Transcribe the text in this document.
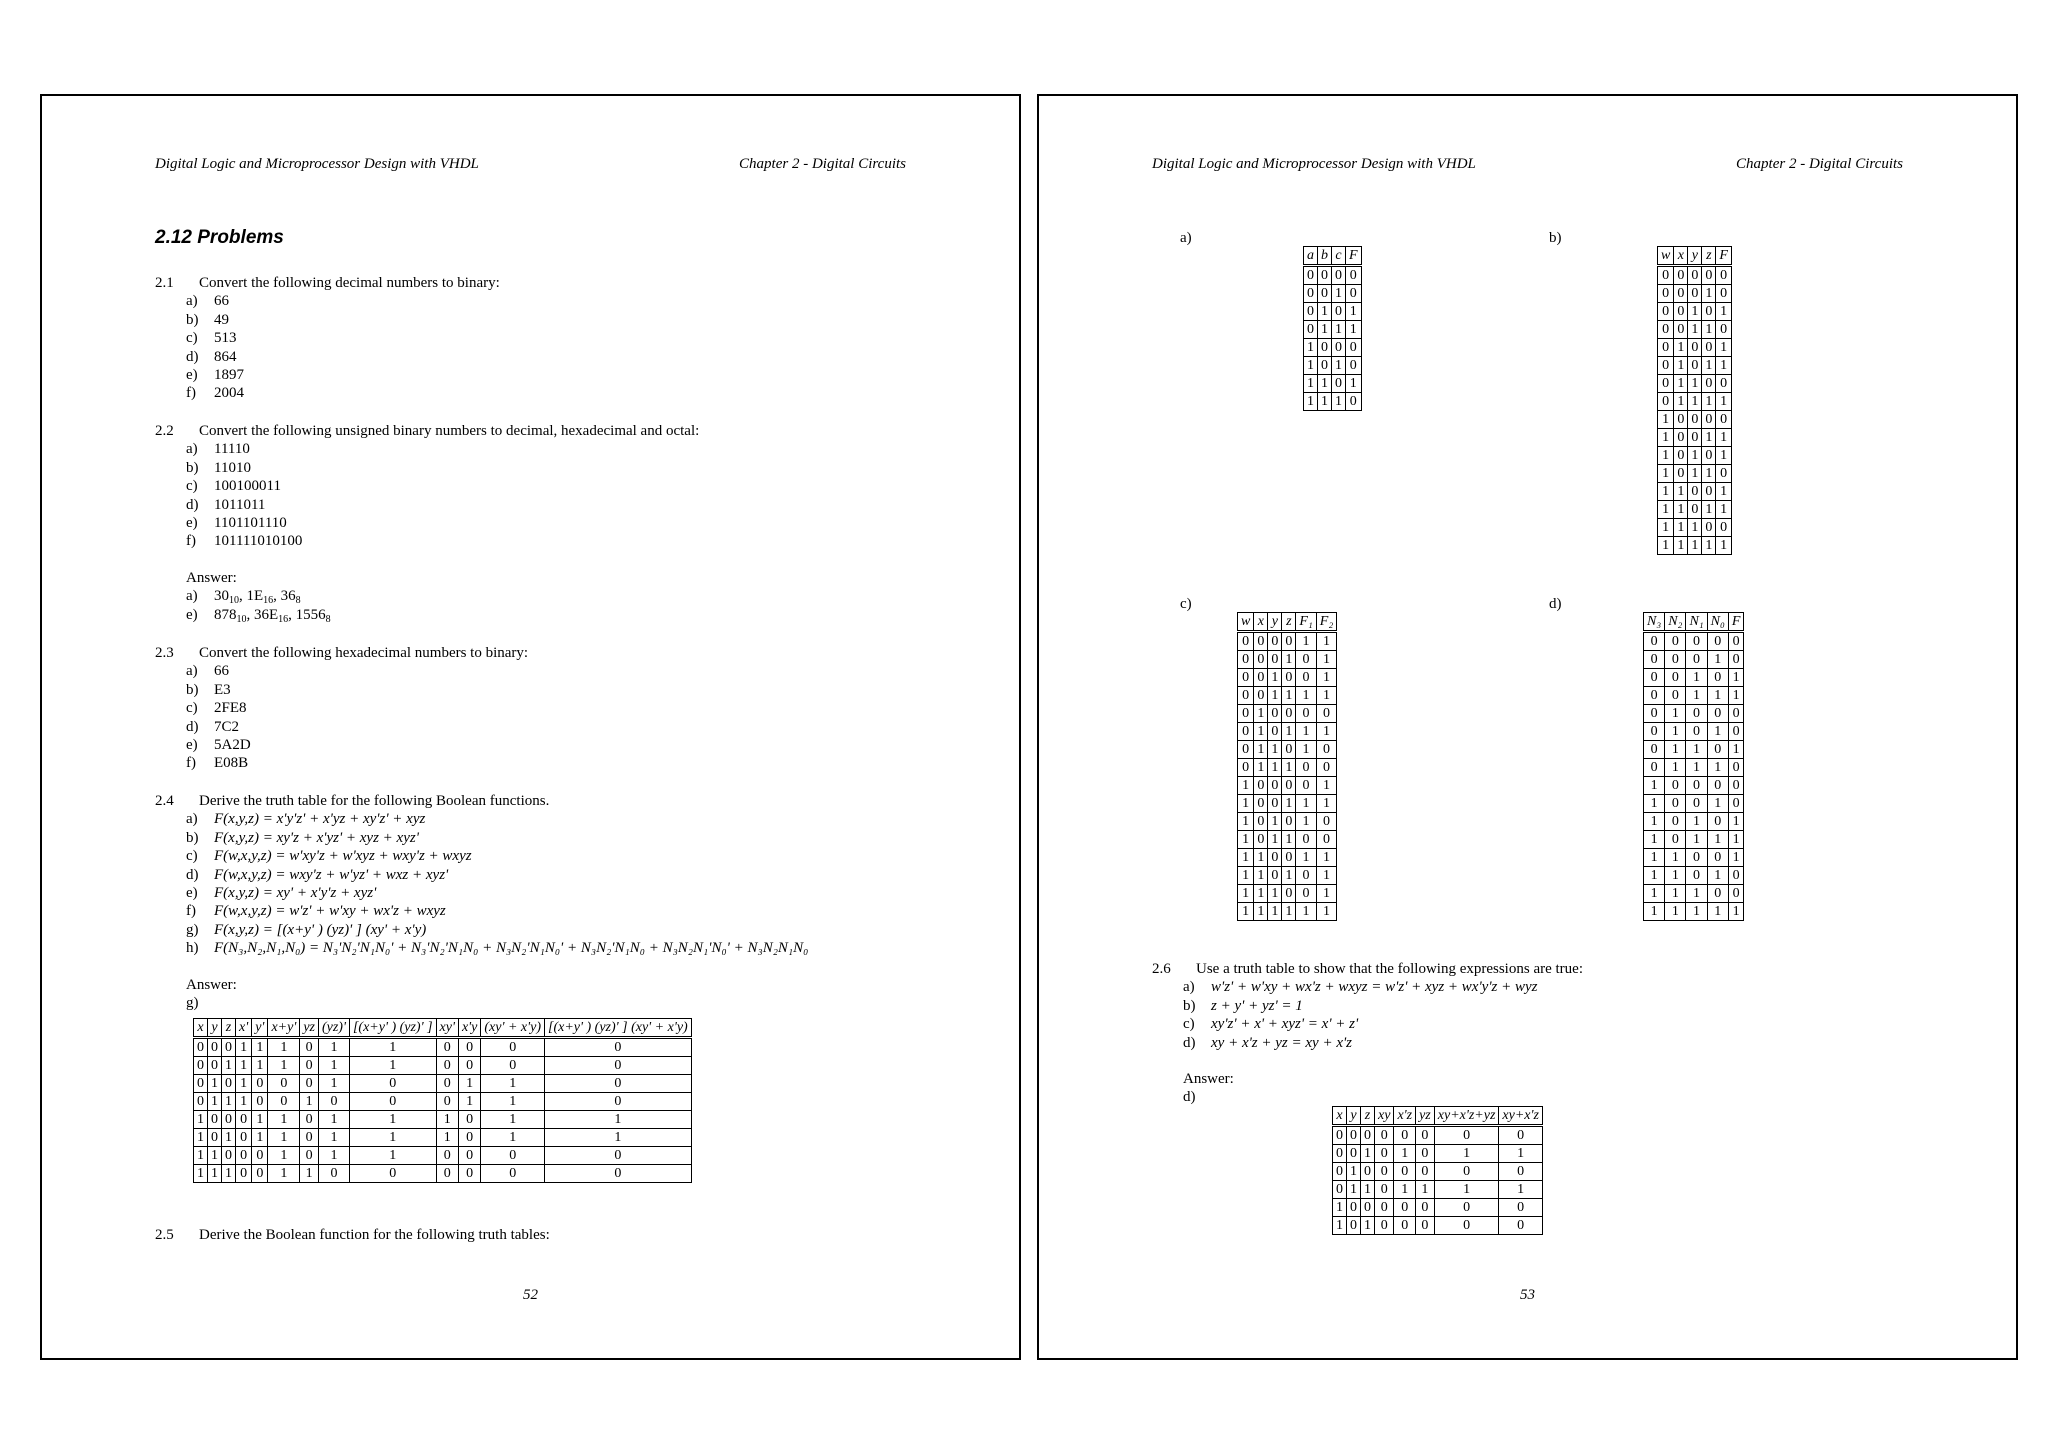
Digital Logic and Microprocessor Design with VHDL	Chapter 2 - Digital Circuits
2.12 Problems
2.1 Convert the following decimal numbers to binary:
a) 66
b) 49
c) 513
d) 864
e) 1897
f) 2004
2.2 Convert the following unsigned binary numbers to decimal, hexadecimal and octal:
a) 11110
b) 11010
c) 100100011
d) 1011011
e) 1101101110
f) 101111010100
Answer:
a) $30_{10}$, $1E_{16}$, $36_8$
e) $878_{10}$, $36E_{16}$, $1556_8$
2.3 Convert the following hexadecimal numbers to binary:
a) 66
b) E3
c) 2FE8
d) 7C2
e) 5A2D
f) E08B
2.4 Derive the truth table for the following Boolean functions.
a) F(x,y,z) = x'y'z' + x'yz + xy'z' + xyz
b) F(x,y,z) = xy'z + x'yz' + xyz + xyz'
c) F(w,x,y,z) = w'xy'z + w'xyz + wxy'z + wxyz
d) F(w,x,y,z) = wxy'z + w'yz' + wxz + xyz'
e) F(x,y,z) = xy' + x'y'z + xyz'
f) F(w,x,y,z) = w'z' + w'xy + wx'z + wxyz
g) F(x,y,z) = [(x+y' ) (yz)' ] (xy' + x'y)
h) F(N₃,N₂,N₁,N₀) = N₃'N₂'N₁N₀' + N₃'N₂'N₁N₀ + N₃N₂'N₁N₀' + N₃N₂'N₁N₀ + N₃N₂N₁'N₀' + N₃N₂N₁N₀
Answer:
g)
x	y	z	x'	y'	x+y'	yz	(yz)'	[(x+y' ) (yz)' ]	xy'	x'y	(xy' + x'y)	[(x+y' ) (yz)' ] (xy' + x'y)
0	0	0	1	1	1	0	1	1	0	0	0	0
0	0	1	1	1	1	0	1	1	0	0	0	0
0	1	0	1	0	0	0	1	0	0	1	1	0
0	1	1	1	0	0	1	0	0	0	1	1	0
1	0	0	0	1	1	0	1	1	1	0	1	1
1	0	1	0	1	1	0	1	1	1	0	1	1
1	1	0	0	0	1	0	1	1	0	0	0	0
1	1	1	0	0	1	1	0	0	0	0	0	0
2.5 Derive the Boolean function for the following truth tables:
52
Digital Logic and Microprocessor Design with VHDL	Chapter 2 - Digital Circuits
a)
a	b	c	F
0	0	0	0
0	0	1	0
0	1	0	1
0	1	1	1
1	0	0	0
1	0	1	0
1	1	0	1
1	1	1	0
b)
w	x	y	z	F
0	0	0	0	0
0	0	0	1	0
0	0	1	0	1
0	0	1	1	0
0	1	0	0	1
0	1	0	1	1
0	1	1	0	0
0	1	1	1	1
1	0	0	0	0
1	0	0	1	1
1	0	1	0	1
1	0	1	1	0
1	1	0	0	1
1	1	0	1	1
1	1	1	0	0
1	1	1	1	1
c)
w	x	y	z	F₁	F₂
0	0	0	0	1	1
0	0	0	1	0	1
0	0	1	0	0	1
0	0	1	1	1	1
0	1	0	0	0	0
0	1	0	1	1	1
0	1	1	0	1	0
0	1	1	1	0	0
1	0	0	0	0	1
1	0	0	1	1	1
1	0	1	0	1	0
1	0	1	1	0	0
1	1	0	0	1	1
1	1	0	1	0	1
1	1	1	0	0	1
1	1	1	1	1	1
d)
N₃	N₂	N₁	N₀	F
0	0	0	0	0
0	0	0	1	0
0	0	1	0	1
0	0	1	1	1
0	1	0	0	0
0	1	0	1	0
0	1	1	0	1
0	1	1	1	0
1	0	0	0	0
1	0	0	1	0
1	0	1	0	1
1	0	1	1	1
1	1	0	0	1
1	1	0	1	0
1	1	1	0	0
1	1	1	1	1
2.6 Use a truth table to show that the following expressions are true:
a) w'z' + w'xy + wx'z + wxyz = w'z' + xyz + wx'y'z + wyz
b) z + y' + yz' = 1
c) xy'z' + x' + xyz' = x' + z'
d) xy + x'z + yz = xy + x'z
Answer:
d)
x	y	z	xy	x'z	yz	xy+x'z+yz	xy+x'z
0	0	0	0	0	0	0	0
0	0	1	0	1	0	1	1
0	1	0	0	0	0	0	0
0	1	1	0	1	1	1	1
1	0	0	0	0	0	0	0
1	0	1	0	0	0	0	0
53
